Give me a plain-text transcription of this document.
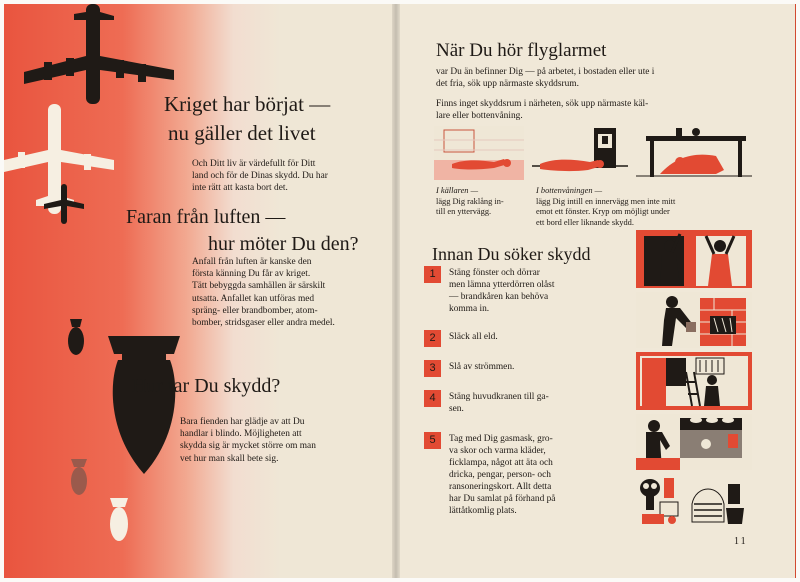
Kriget har börjat —
nu gäller det livet
Och Ditt liv är värdefullt för Ditt
land och för de Dinas skydd. Du har
inte rätt att kasta bort det.
Faran från luften —
hur möter Du den?
Anfall från luften är kanske den
första känning Du får av kriget.
Tätt bebyggda samhällen är särskilt
utsatta. Anfallet kan utföras med
spräng- eller brandbomber, atom-
bomber, stridsgaser eller andra medel.
Hur tar Du skydd?
Bara fienden har glädje av att Du
handlar i blindo. Möjligheten att
skydda sig är mycket större om man
vet hur man skall bete sig.
När Du hör flyglarmet
var Du än befinner Dig — på arbetet, i bostaden eller ute i
det fria, sök upp närmaste skyddsrum.
Finns inget skyddsrum i närheten, sök upp närmaste käl-
lare eller bottenvåning.
I källaren —
lägg Dig raklång in-
till en yttervägg.
I bottenvåningen —
lägg Dig intill en innervägg men inte mitt
emot ett fönster. Kryp om möjligt under
ett bord eller liknande skydd.
Innan Du söker skydd
1	Stäng fönster och dörrar
men lämna ytterdörren olåst
— brandkåren kan behöva
komma in.
2	Släck all eld.
3	Slå av strömmen.
4	Stäng huvudkranen till ga-
sen.
5	Tag med Dig gasmask, gro-
va skor och varma kläder,
ficklampa, något att äta och
dricka, pengar, person- och
ransoneringskort. Allt detta
har Du samlat på förhand på
lättåtkomlig plats.
11
